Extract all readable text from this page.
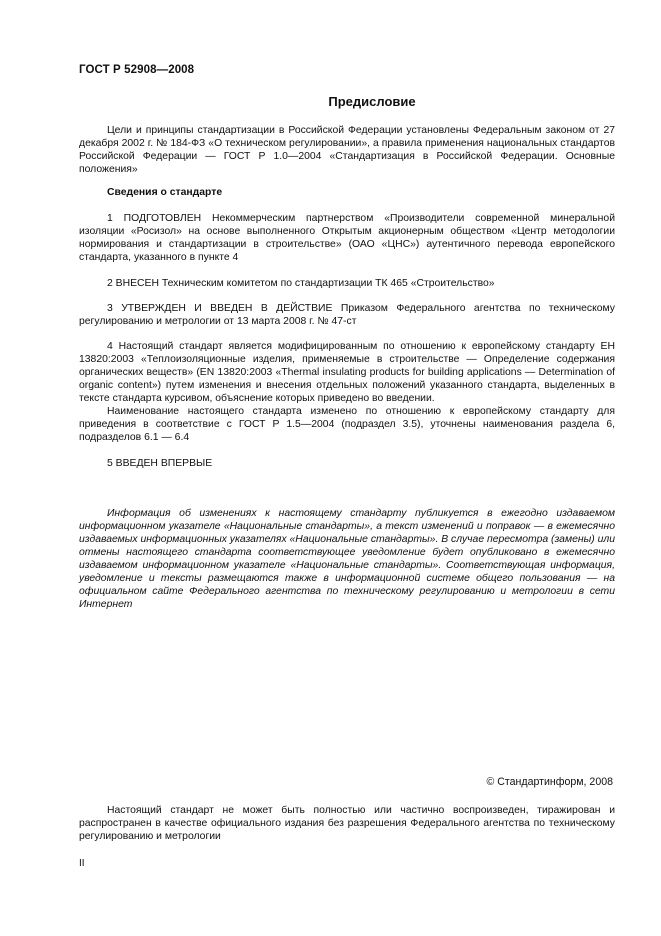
ГОСТ Р 52908—2008
Предисловие

Цели и принципы стандартизации в Российской Федерации установлены Федеральным законом от 27 декабря 2002 г. № 184-ФЗ «О техническом регулировании», а правила применения национальных стандартов Российской Федерации — ГОСТ Р 1.0—2004 «Стандартизация в Российской Федерации. Основные положения»

Сведения о стандарте

1 ПОДГОТОВЛЕН Некоммерческим партнерством «Производители современной минеральной изоляции «Росизол» на основе выполненного Открытым акционерным обществом «Центр методологии нормирования и стандартизации в строительстве» (ОАО «ЦНС») аутентичного перевода европейского стандарта, указанного в пункте 4

2 ВНЕСЕН Техническим комитетом по стандартизации ТК 465 «Строительство»

3 УТВЕРЖДЕН И ВВЕДЕН В ДЕЙСТВИЕ Приказом Федерального агентства по техническому регулированию и метрологии от 13 марта 2008 г. № 47-ст

4 Настоящий стандарт является модифицированным по отношению к европейскому стандарту ЕН 13820:2003 «Теплоизоляционные изделия, применяемые в строительстве — Определение содержания органических веществ» (EN 13820:2003 «Thermal insulating products for building applications — Determination of organic content») путем изменения и внесения отдельных положений указанного стандарта, выделенных в тексте стандарта курсивом, объяснение которых приведено во введении.

Наименование настоящего стандарта изменено по отношению к европейскому стандарту для приведения в соответствие с ГОСТ Р 1.5—2004 (подраздел 3.5), уточнены наименования раздела 6, подразделов 6.1 — 6.4

5 ВВЕДЕН ВПЕРВЫЕ

Информация об изменениях к настоящему стандарту публикуется в ежегодно издаваемом информационном указателе «Национальные стандарты», а текст изменений и поправок — в ежемесячно издаваемых информационных указателях «Национальные стандарты». В случае пересмотра (замены) или отмены настоящего стандарта соответствующее уведомление будет опубликовано в ежемесячно издаваемом информационном указателе «Национальные стандарты». Соответствующая информация, уведомление и тексты размещаются также в информационной системе общего пользования — на официальном сайте Федерального агентства по техническому регулированию и метрологии в сети Интернет

© Стандартинформ, 2008

Настоящий стандарт не может быть полностью или частично воспроизведен, тиражирован и распространен в качестве официального издания без разрешения Федерального агентства по техническому регулированию и метрологии

II
